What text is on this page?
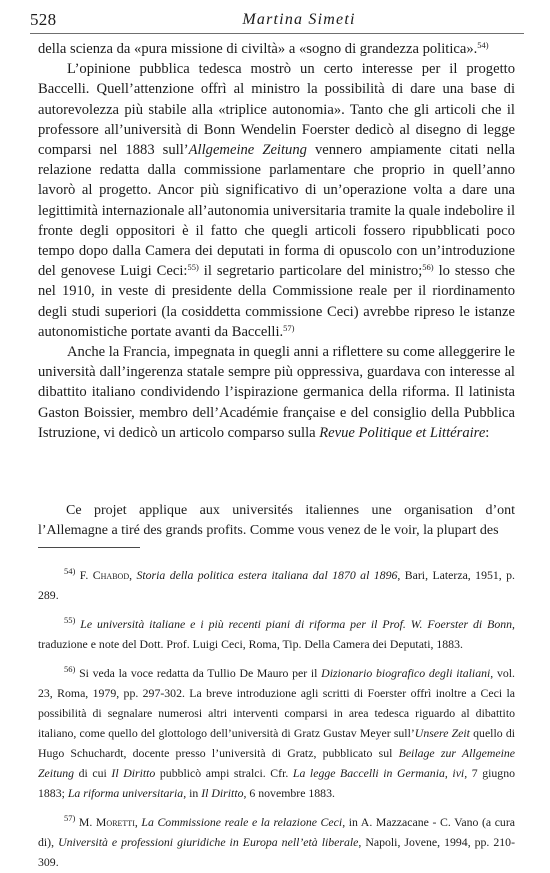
528	Martina Simeti

della scienza da «pura missione di civiltà» a «sogno di grandezza politica».$^{54)}$

L’opinione pubblica tedesca mostrò un certo interesse per il progetto Baccelli. Quell’attenzione offrì al ministro la possibilità di dare una base di autorevolezza più stabile alla «triplice autonomia». Tanto che gli articoli che il professore all’università di Bonn Wendelin Foerster dedicò al disegno di legge comparsi nel 1883 sull’Allgemeine Zeitung vennero ampiamente citati nella relazione redatta dalla commissione parlamentare che proprio in quell’anno lavorò al progetto. Ancor più significativo di un’operazione volta a dare una legittimità internazionale all’autonomia universitaria tramite la quale indebolire il fronte degli oppositori è il fatto che quegli articoli fossero ripubblicati poco tempo dopo dalla Camera dei deputati in forma di opuscolo con un’introduzione del genovese Luigi Ceci:$^{55)}$ il segretario particolare del ministro;$^{56)}$ lo stesso che nel 1910, in veste di presidente della Commissione reale per il riordinamento degli studi superiori (la cosiddetta commissione Ceci) avrebbe ripreso le istanze autonomistiche portate avanti da Baccelli.$^{57)}$

Anche la Francia, impegnata in quegli anni a riflettere su come alleggerire le università dall’ingerenza statale sempre più oppressiva, guardava con interesse al dibattito italiano condividendo l’ispirazione germanica della riforma. Il latinista Gaston Boissier, membro dell’Académie française e del consiglio della Pubblica Istruzione, vi dedicò un articolo comparso sulla Revue Politique et Littéraire:

Ce projet applique aux universités italiennes une organisation d’ont l’Allemagne a tiré des grands profits. Comme vous venez de le voir, la plupart des

$^{54)}$ F. Chabod, Storia della politica estera italiana dal 1870 al 1896, Bari, Laterza, 1951, p. 289.

$^{55)}$ Le università italiane e i più recenti piani di riforma per il Prof. W. Foerster di Bonn, traduzione e note del Dott. Prof. Luigi Ceci, Roma, Tip. Della Camera dei Deputati, 1883.

$^{56)}$ Si veda la voce redatta da Tullio De Mauro per il Dizionario biografico degli italiani, vol. 23, Roma, 1979, pp. 297-302. La breve introduzione agli scritti di Foerster offrì inoltre a Ceci la possibilità di segnalare numerosi altri interventi comparsi in area tedesca riguardo al dibattito italiano, come quello del glottologo dell’università di Gratz Gustav Meyer sull’Unsere Zeit quello di Hugo Schuchardt, docente presso l’università di Gratz, pubblicato sul Beilage zur Allgemeine Zeitung di cui Il Diritto pubblicò ampi stralci. Cfr. La legge Baccelli in Germania, ivi, 7 giugno 1883; La riforma universitaria, in Il Diritto, 6 novembre 1883.

$^{57)}$ M. Moretti, La Commissione reale e la relazione Ceci, in A. Mazzacane - C. Vano (a cura di), Università e professioni giuridiche in Europa nell’età liberale, Napoli, Jovene, 1994, pp. 210-309.
